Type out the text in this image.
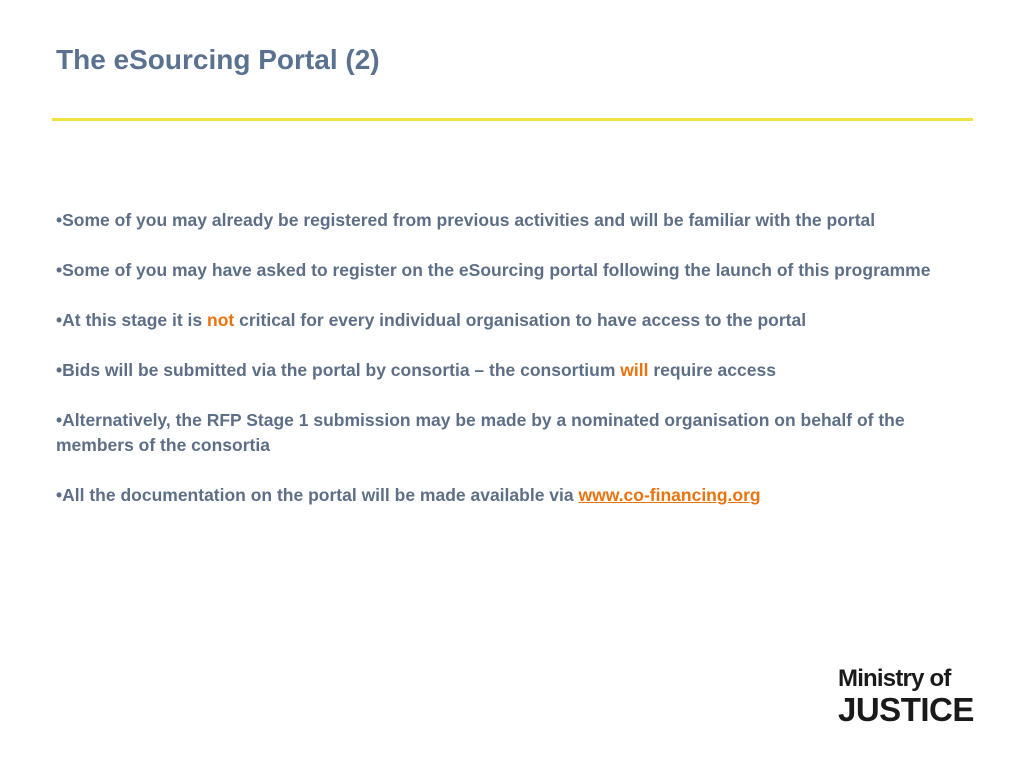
The eSourcing Portal (2)
•Some of you may already be registered from previous activities and will be familiar with the portal
•Some of you may have asked to register on the eSourcing portal following the launch of this programme
•At this stage it is not critical for every individual organisation to have access to the portal
•Bids will be submitted via the portal by consortia – the consortium will require access
•Alternatively, the RFP Stage 1 submission may be made by a nominated organisation on behalf of the members of the consortia
•All the documentation on the portal will be made available via www.co-financing.org
Ministry of
JUSTICE
